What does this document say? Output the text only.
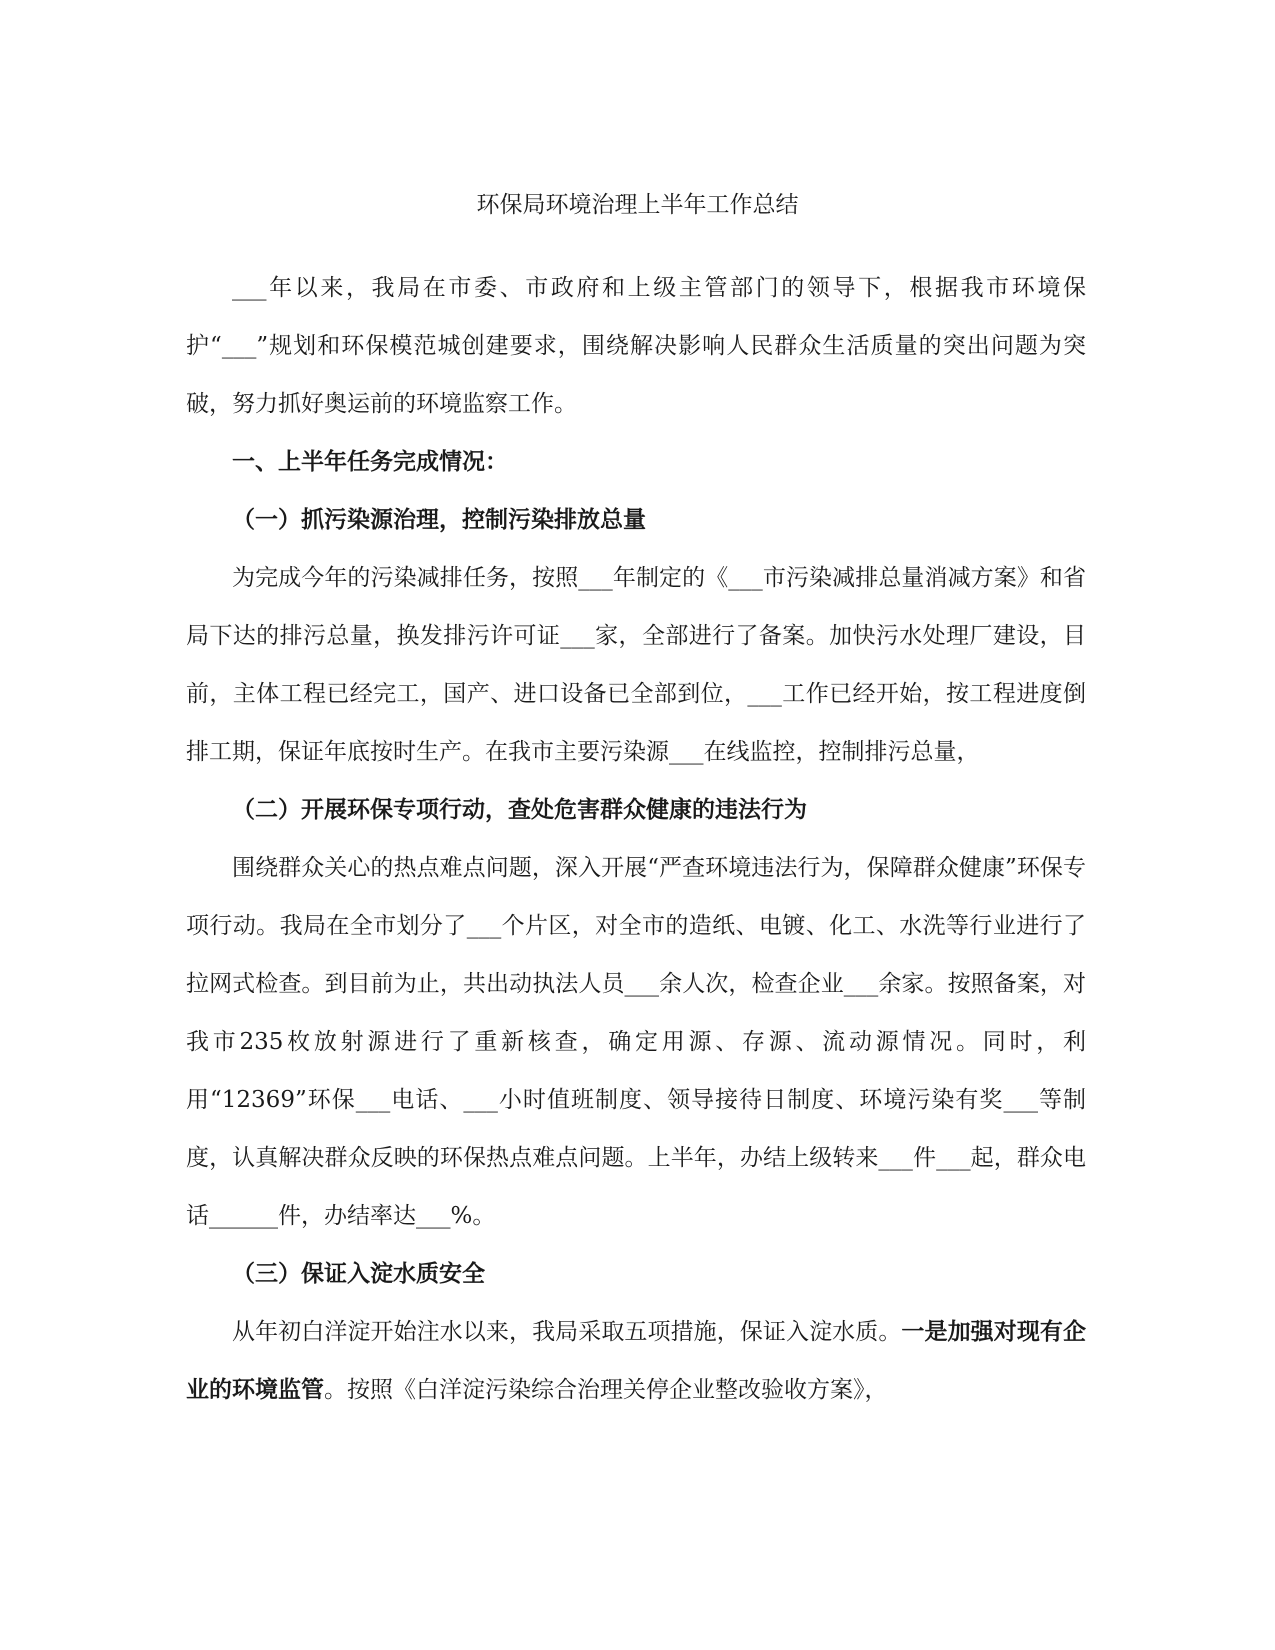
环保局环境治理上半年工作总结

___年以来，我局在市委、市政府和上级主管部门的领导下，根据我市环境保护“___”规划和环保模范城创建要求，围绕解决影响人民群众生活质量的突出问题为突破，努力抓好奥运前的环境监察工作。

一、上半年任务完成情况：

（一）抓污染源治理，控制污染排放总量

为完成今年的污染减排任务，按照___年制定的《___市污染减排总量消减方案》和省局下达的排污总量，换发排污许可证___家，全部进行了备案。加快污水处理厂建设，目前，主体工程已经完工，国产、进口设备已全部到位，___工作已经开始，按工程进度倒排工期，保证年底按时生产。在我市主要污染源___在线监控，控制排污总量，

（二）开展环保专项行动，查处危害群众健康的违法行为

围绕群众关心的热点难点问题，深入开展“严查环境违法行为，保障群众健康”环保专项行动。我局在全市划分了___个片区，对全市的造纸、电镀、化工、水洗等行业进行了拉网式检查。到目前为止，共出动执法人员___余人次，检查企业___余家。按照备案，对我市235枚放射源进行了重新核查，确定用源、存源、流动源情况。同时，利用“12369”环保___电话、___小时值班制度、领导接待日制度、环境污染有奖___等制度，认真解决群众反映的环保热点难点问题。上半年，办结上级转来___件___起，群众电话______件，办结率达___%。

（三）保证入淀水质安全

从年初白洋淀开始注水以来，我局采取五项措施，保证入淀水质。一是加强对现有企业的环境监管。按照《白洋淀污染综合治理关停企业整改验收方案》，
